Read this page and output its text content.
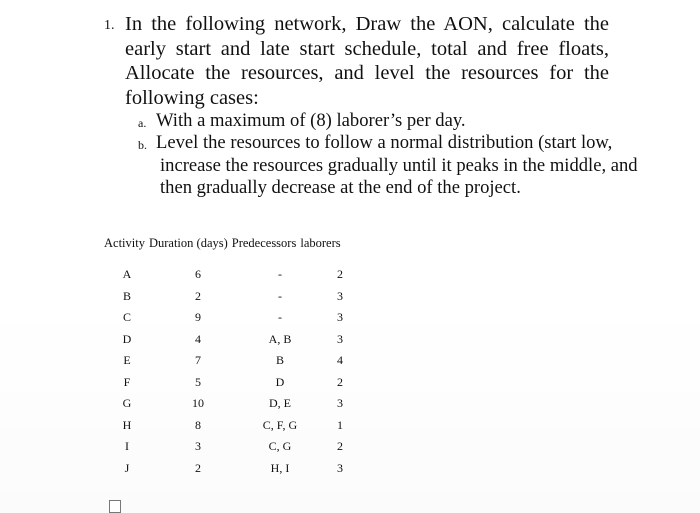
1. In the following network, Draw the AON, calculate the early start and late start schedule, total and free floats, Allocate the resources, and level the resources for the following cases:
a. With a maximum of (8) laborer’s per day.
b. Level the resources to follow a normal distribution (start low,
increase the resources gradually until it peaks in the middle, and then gradually decrease at the end of the project.
Activity Duration (days) Predecessors laborers
A	6	-	2
B	2	-	3
C	9	-	3
D	4	A, B	3
E	7	B	4
F	5	D	2
G	10	D, E	3
H	8	C, F, G	1
I	3	C, G	2
J	2	H, I	3
